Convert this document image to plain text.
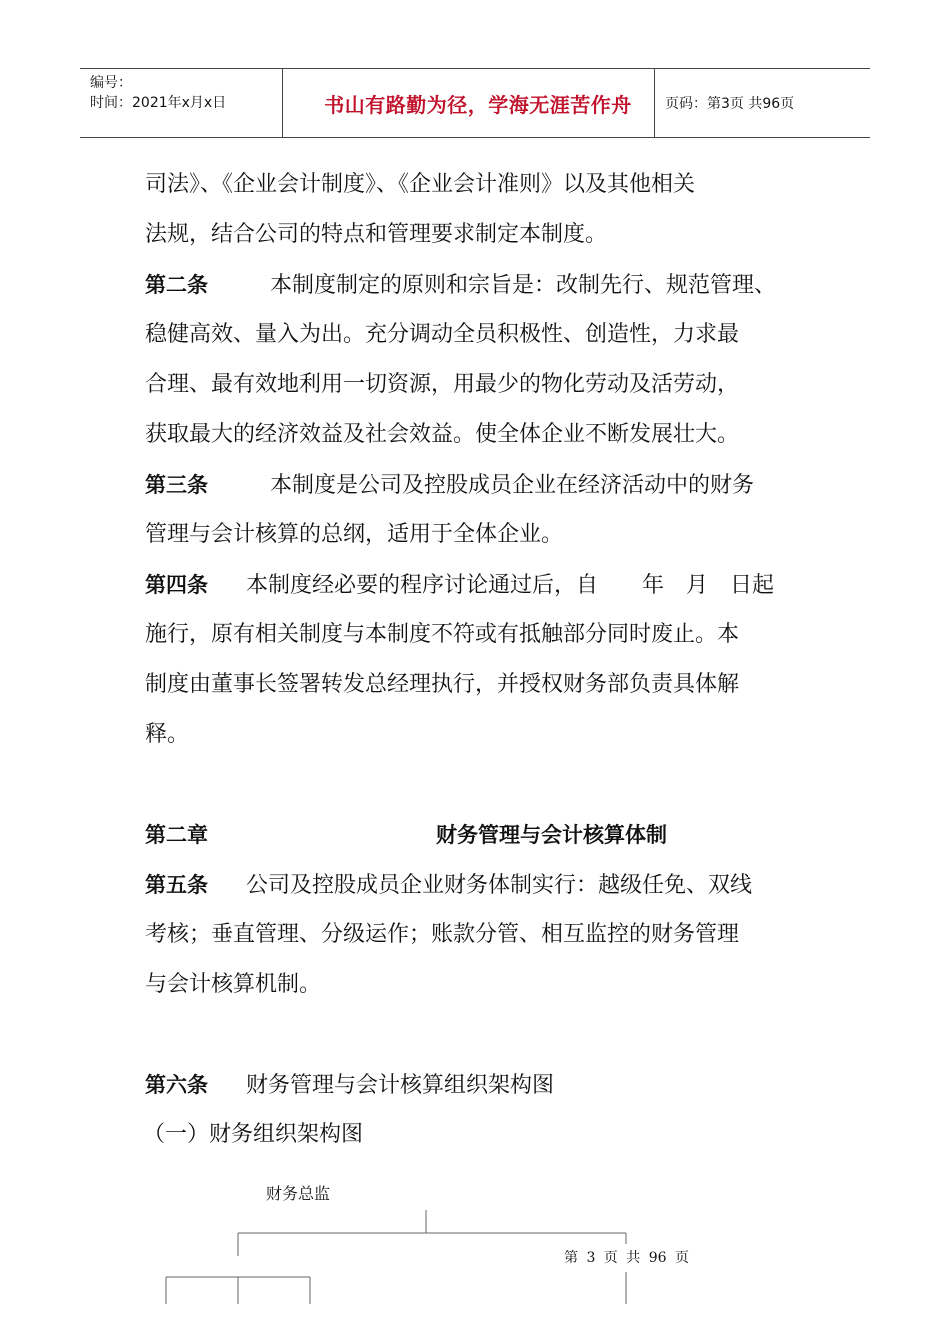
编号：
时间：2021年x月x日	书山有路勤为径，学海无涯苦作舟	页码：第3页 共96页
司法》、《企业会计制度》、《企业会计准则》以及其他相关
法规，结合公司的特点和管理要求制定本制度。
第二条	本制度制定的原则和宗旨是：改制先行、规范管理、
稳健高效、量入为出。充分调动全员积极性、创造性，力求最
合理、最有效地利用一切资源，用最少的物化劳动及活劳动，
获取最大的经济效益及社会效益。使全体企业不断发展壮大。
第三条	本制度是公司及控股成员企业在经济活动中的财务
管理与会计核算的总纲，适用于全体企业。
第四条 本制度经必要的程序讨论通过后，自　　年　月　日起
施行，原有相关制度与本制度不符或有抵触部分同时废止。本
制度由董事长签署转发总经理执行，并授权财务部负责具体解
释。
第二章	财务管理与会计核算体制
第五条 公司及控股成员企业财务体制实行：越级任免、双线
考核；垂直管理、分级运作；账款分管、相互监控的财务管理
与会计核算机制。
第六条 财务管理与会计核算组织架构图
（一）财务组织架构图
财务总监
第 3 页 共 96 页
